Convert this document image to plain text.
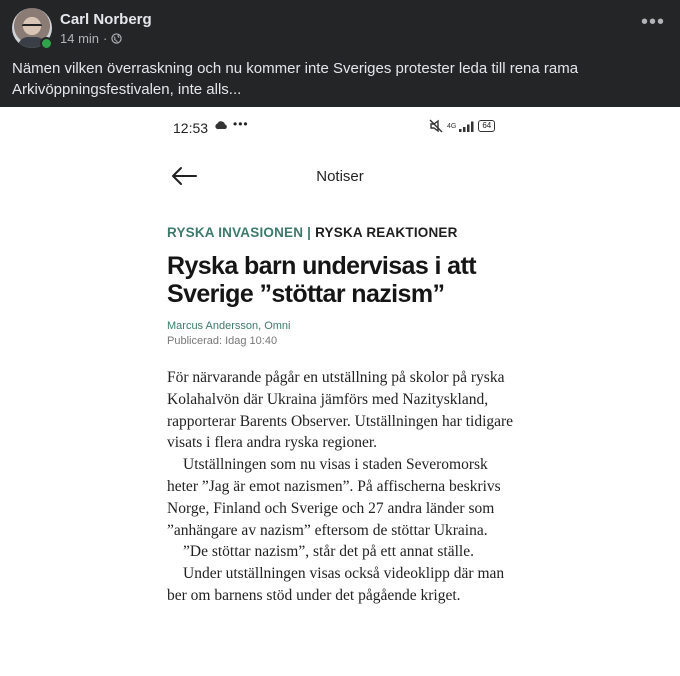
Carl Norberg
14 min ·
•••
Nämen vilken överraskning och nu kommer inte Sveriges protester leda till rena rama Arkivöppningsfestivalen, inte alls...
12:53 •••	4G	64
Notiser
RYSKA INVASIONEN | RYSKA REAKTIONER
Ryska barn undervisas i att Sverige ”stöttar nazism”
Marcus Andersson, Omni
Publicerad: Idag 10:40

För närvarande pågår en utställning på skolor på ryska Kolahalvön där Ukraina jämförs med Nazityskland, rapporterar Barents Observer. Utställningen har tidigare visats i flera andra ryska regioner.

Utställningen som nu visas i staden Severomorsk heter ”Jag är emot nazismen”. På affischerna beskrivs Norge, Finland och Sverige och 27 andra länder som ”anhängare av nazism” eftersom de stöttar Ukraina.

”De stöttar nazism”, står det på ett annat ställe.

Under utställningen visas också videoklipp där man ber om barnens stöd under det pågående kriget.
